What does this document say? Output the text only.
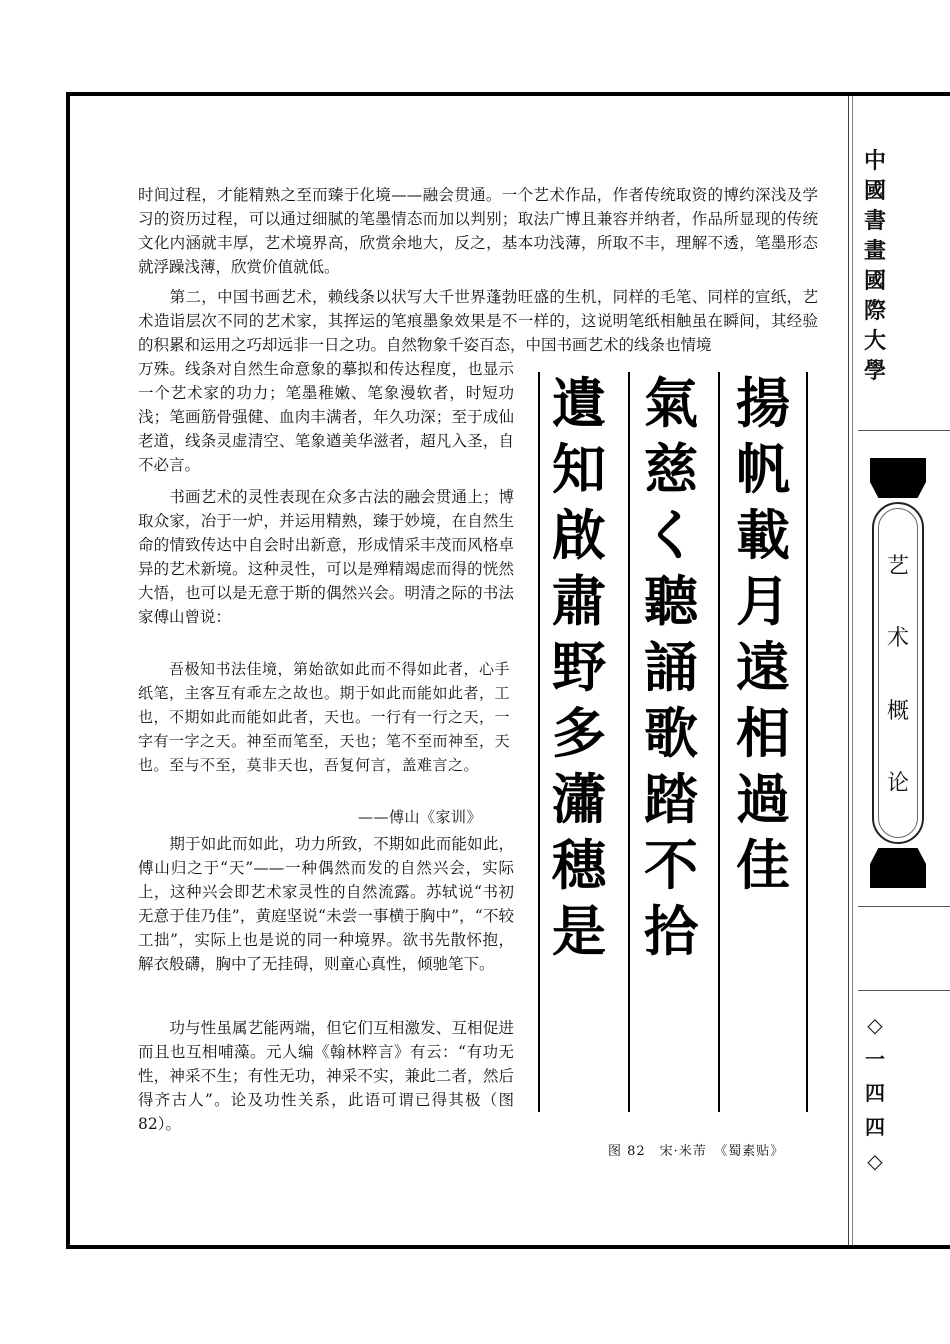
中
國
書
畫
國
際
大
學
艺
术
概
论
◇
一
四
四
◇

时间过程，才能精熟之至而臻于化境——融会贯通。一个艺术作品，作者传统取资的博约深浅及学习的资历过程，可以通过细腻的笔墨情态而加以判别；取法广博且兼容并纳者，作品所显现的传统文化内涵就丰厚，艺术境界高，欣赏余地大，反之，基本功浅薄，所取不丰，理解不透，笔墨形态就浮躁浅薄，欣赏价值就低。

　　第二，中国书画艺术，赖线条以状写大千世界蓬勃旺盛的生机，同样的毛笔、同样的宣纸，艺术造诣层次不同的艺术家，其挥运的笔痕墨象效果是不一样的，这说明笔纸相触虽在瞬间，其经验的积累和运用之巧却远非一日之功。自然物象千姿百态，中国书画艺术的线条也情境

万殊。线条对自然生命意象的摹拟和传达程度，也显示一个艺术家的功力；笔墨稚嫩、笔象漫软者，时短功浅；笔画筋骨强健、血肉丰满者，年久功深；至于成仙老道，线条灵虚清空、笔象遒美华滋者，超凡入圣，自不必言。

　　书画艺术的灵性表现在众多古法的融会贯通上；博取众家，冶于一炉，并运用精熟，臻于妙境，在自然生命的情致传达中自会时出新意，形成情采丰茂而风格卓异的艺术新境。这种灵性，可以是殚精竭虑而得的恍然大悟，也可以是无意于斯的偶然兴会。明清之际的书法家傅山曾说：

　　吾极知书法佳境，第始欲如此而不得如此者，心手纸笔，主客互有乖左之故也。期于如此而能如此者，工也，不期如此而能如此者，天也。一行有一行之天，一字有一字之天。神至而笔至，天也；笔不至而神至，天也。至与不至，莫非天也，吾复何言，盖难言之。

——傅山《家训》

　　期于如此而如此，功力所致，不期如此而能如此，傅山归之于“天”——一种偶然而发的自然兴会，实际上，这种兴会即艺术家灵性的自然流露。苏轼说“书初无意于佳乃佳”，黄庭坚说“未尝一事横于胸中”，“不较工拙”，实际上也是说的同一种境界。欲书先散怀抱，解衣般礴，胸中了无挂碍，则童心真性，倾驰笔下。

　　功与性虽属艺能两端，但它们互相激发、互相促进而且也互相哺藻。元人编《翰林粹言》有云：“有功无性，神采不生；有性无功，神采不实，兼此二者，然后得齐古人”。论及功性关系，此语可谓已得其极（图 82）。

遺
知
啟
肅
野
多
瀟
穗
是
氣
慈
く
聽
誦
歌
踏
不
拾
揚
帆
載
月
遠
相
過
佳
图 82　宋·米芾　《蜀素贴》
